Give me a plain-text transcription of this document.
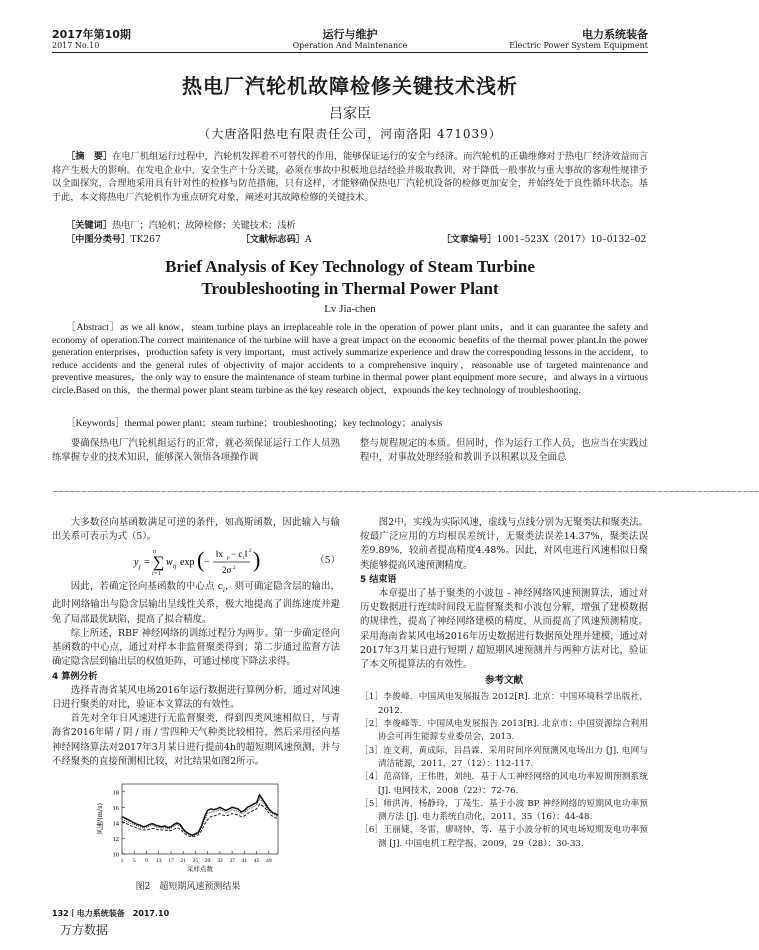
2017年第10期
2017 No.10
运行与维护
Operation And Maintenance
电力系统装备
Electric Power System Equipment
热电厂汽轮机故障检修关键技术浅析
吕家臣
（大唐洛阳热电有限责任公司，河南洛阳 471039）
［摘　要］在电厂机组运行过程中，汽轮机发挥着不可替代的作用，能够保证运行的安全与经济。而汽轮机的正确维修对于热电厂经济效益而言将产生极大的影响。在发电企业中，安全生产十分关键，必须在事故中积极地总结经验并吸取教训，对于降低一般事故与重大事故的客观性规律予以全面探究，合理地采用具有针对性的检修与防范措施，只有这样，才能够确保热电厂汽轮机设备的检修更加安全，并始终处于良性循环状态。基于此，本文将热电厂汽轮机作为重点研究对象，阐述对其故障检修的关键技术。
［关键词］热电厂；汽轮机；故障检修；关键技术；浅析
［中图分类号］TK267	［文献标志码］A	［文章编号］1001–523X（2017）10–0132–02
Brief Analysis of Key Technology of Steam Turbine
Troubleshooting in Thermal Power Plant
Lv Jia-chen
［Abstract］as we all know，steam turbine plays an irreplaceable role in the operation of power plant units，and it can guarantee the safety and economy of operation.The correct maintenance of the turbine will have a great impact on the economic benefits of the thermal power plant.In the power generation enterprises，production safety is very important，must actively summarize experience and draw the corresponding lessons in the accident，to reduce accidents and the general rules of objectivity of major accidents to a comprehensive inquiry，reasonable use of targeted maintenance and preventive measures，the only way to ensure the maintenance of steam turbine in thermal power plant equipment more secure，and always in a virtuous circle.Based on this，the thermal power plant steam turbine as the key research object，expounds the key technology of troubleshooting.
［Keywords］thermal power plant；steam turbine；troubleshooting；key technology；analysis

要确保热电厂汽轮机组运行的正常，就必须保证运行工作人员熟练掌握专业的技术知识，能够深入领悟各项操作调

整与规程规定的本质。但同时，作为运行工作人员，也应当在实践过程中，对事故处理经验和教训予以积累以及全面总

∽∽∽∽∽∽∽∽∽∽∽∽∽∽∽∽∽∽∽∽∽∽∽∽∽∽∽∽∽∽∽∽∽∽∽∽∽∽∽∽∽∽∽∽∽∽∽∽∽∽∽∽∽∽∽∽∽∽∽∽∽∽∽∽∽∽∽∽∽∽∽∽∽∽∽∽∽∽∽∽∽∽∽∽∽∽∽∽∽∽∽∽∽∽∽∽∽∽∽∽∽∽∽∽∽∽∽∽∽∽∽∽∽∽∽∽∽∽∽∽∽∽∽∽

大多数径向基函数满足可逆的条件，如高斯函数，因此输入与输出关系可表示为式（5）。

y j = ∑
n
i=1
w ij exp ( −
‖x p − c i ‖ 2
2σ 2 )	（5）

因此，若确定径向基函数的中心点 $c_i$，则可确定隐含层的输出，此时网络输出与隐含层输出呈线性关系，极大地提高了训练速度并避免了局部最优缺陷，提高了拟合精度。

综上所述，RBF 神经网络的训练过程分为两步。第一步确定径向基函数的中心点，通过对样本非监督聚类得到；第二步通过监督方法确定隐含层到输出层的权值矩阵，可通过梯度下降法求得。

4 算例分析

选择青海省某风电场2016年运行数据进行算例分析，通过对风速日进行聚类的对比，验证本文算法的有效性。

首先对全年日风速进行无监督聚类，得到四类风速相似日，与青海省2016年晴 / 阴 / 雨 / 雪四种天气种类比较相符，然后采用径向基神经网络算法对2017年3月某日进行提前4h的超短期风速预测，并与不经聚类的直接预测相比较，对比结果如图2所示。

10
12
14
16
18
1 5 9 13 17 21 25 29 33 37 41 45 49
采样点数
风速/(m/s)
图2　超短期风速预测结果

图2中，实线为实际风速，虚线与点线分别为无聚类法和聚类法。按最广泛应用的方均根误差统计，无聚类法误差14.37%，聚类法误差9.89%，较前者提高精度4.48%。因此，对风电进行风速相似日聚类能够提高风速预测精度。

5 结束语

本章提出了基于聚类的小波包 - 神经网络风速预测算法，通过对历史数据进行连续时间段无监督聚类和小波包分解，增强了建模数据的规律性，提高了神经网络建模的精度，从而提高了风速预测精度。采用海南省某风电场2016年历史数据进行数据预处理并建模，通过对2017年3月某日进行短期 / 超短期风速预测并与两种方法对比，验证了本文所提算法的有效性。

参考文献
［1］李俊峰．中国风电发展报告 2012[R]. 北京：中国环境科学出版社，2012.
［2］李俊峰等．中国风电发展报告 2013[R]. 北京市：中国资源综合利用协会可再生能源专业委员会，2013.
［3］连文莉，黄成际，吕昌霖．采用时间序列预测风电场出力 [J]. 电网与清洁能源，2011，27（12）：112-117.
［4］范高锋，王伟胜，刘纯．基于人工神经网络的风电功率短期预测系统 [J]. 电网技术，2008（22）：72-76.
［5］师洪涛，杨静玲，丁茂生．基于小波 BP 神经网络的短期风电功率预测方法 [J]. 电力系统自动化，2011，35（16）：44-48.
［6］王丽婕，冬雷，廖晓钟，等．基于小波分析的风电场短期发电功率预测 [J]. 中国电机工程学报，2009，29（28）：30-33.
132丨电力系统装备　2017.10
万方数据
